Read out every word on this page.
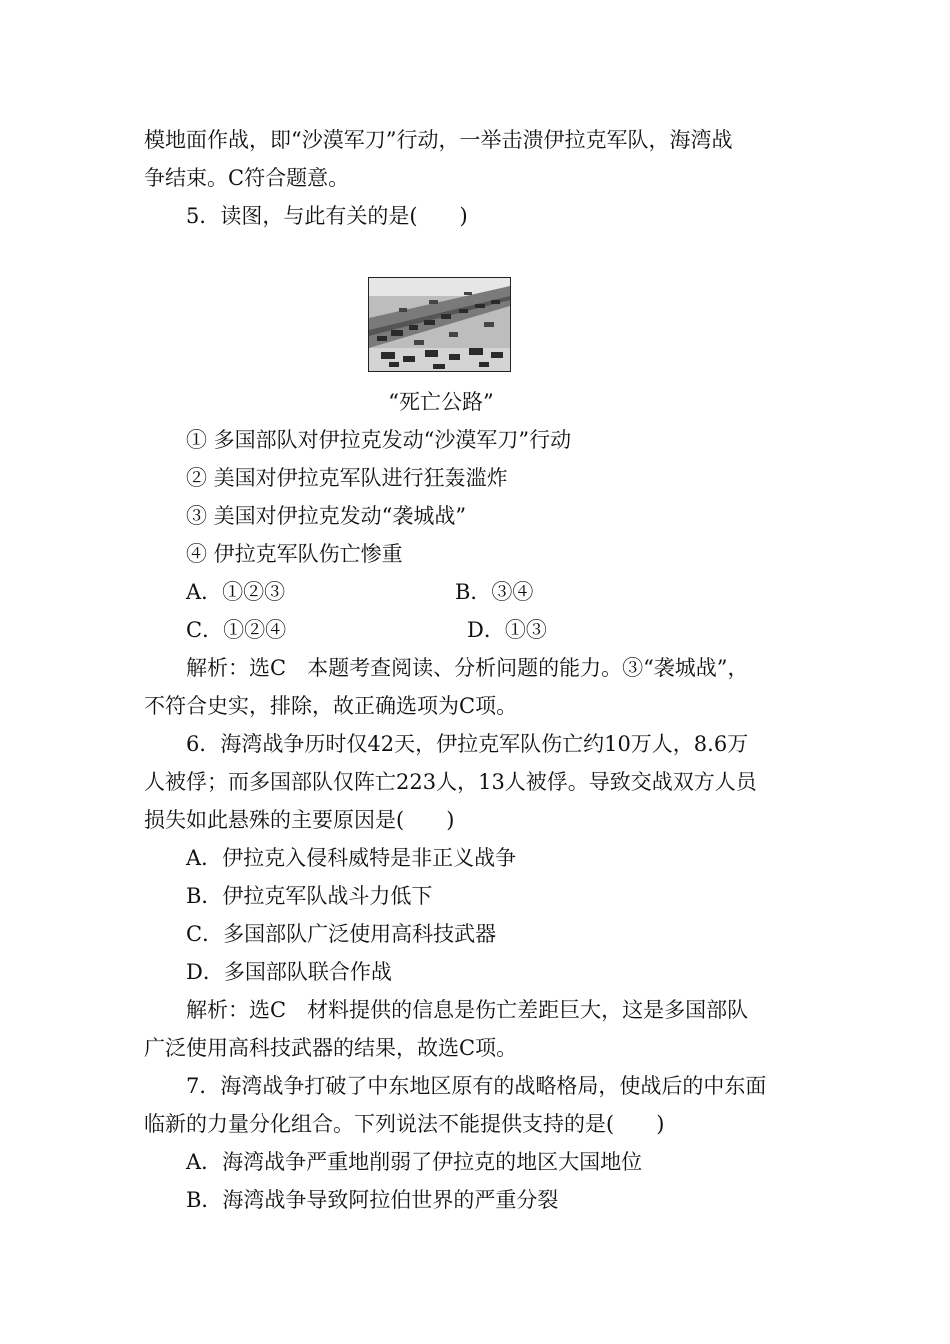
模地面作战，即“沙漠军刀”行动，一举击溃伊拉克军队，海湾战
争结束。C符合题意。
5．读图，与此有关的是(　　)
“死亡公路”
① 多国部队对伊拉克发动“沙漠军刀”行动
② 美国对伊拉克军队进行狂轰滥炸
③ 美国对伊拉克发动“袭城战”
④ 伊拉克军队伤亡惨重
A．①②③	B．③④
C．①②④	D．①③
解析：选C　本题考查阅读、分析问题的能力。③“袭城战”，
不符合史实，排除，故正确选项为C项。
6．海湾战争历时仅42天，伊拉克军队伤亡约10万人，8.6万
人被俘；而多国部队仅阵亡223人，13人被俘。导致交战双方人员
损失如此悬殊的主要原因是(　　)
A．伊拉克入侵科威特是非正义战争
B．伊拉克军队战斗力低下
C．多国部队广泛使用高科技武器
D．多国部队联合作战
解析：选C　材料提供的信息是伤亡差距巨大，这是多国部队
广泛使用高科技武器的结果，故选C项。
7．海湾战争打破了中东地区原有的战略格局，使战后的中东面
临新的力量分化组合。下列说法不能提供支持的是(　　)
A．海湾战争严重地削弱了伊拉克的地区大国地位
B．海湾战争导致阿拉伯世界的严重分裂
